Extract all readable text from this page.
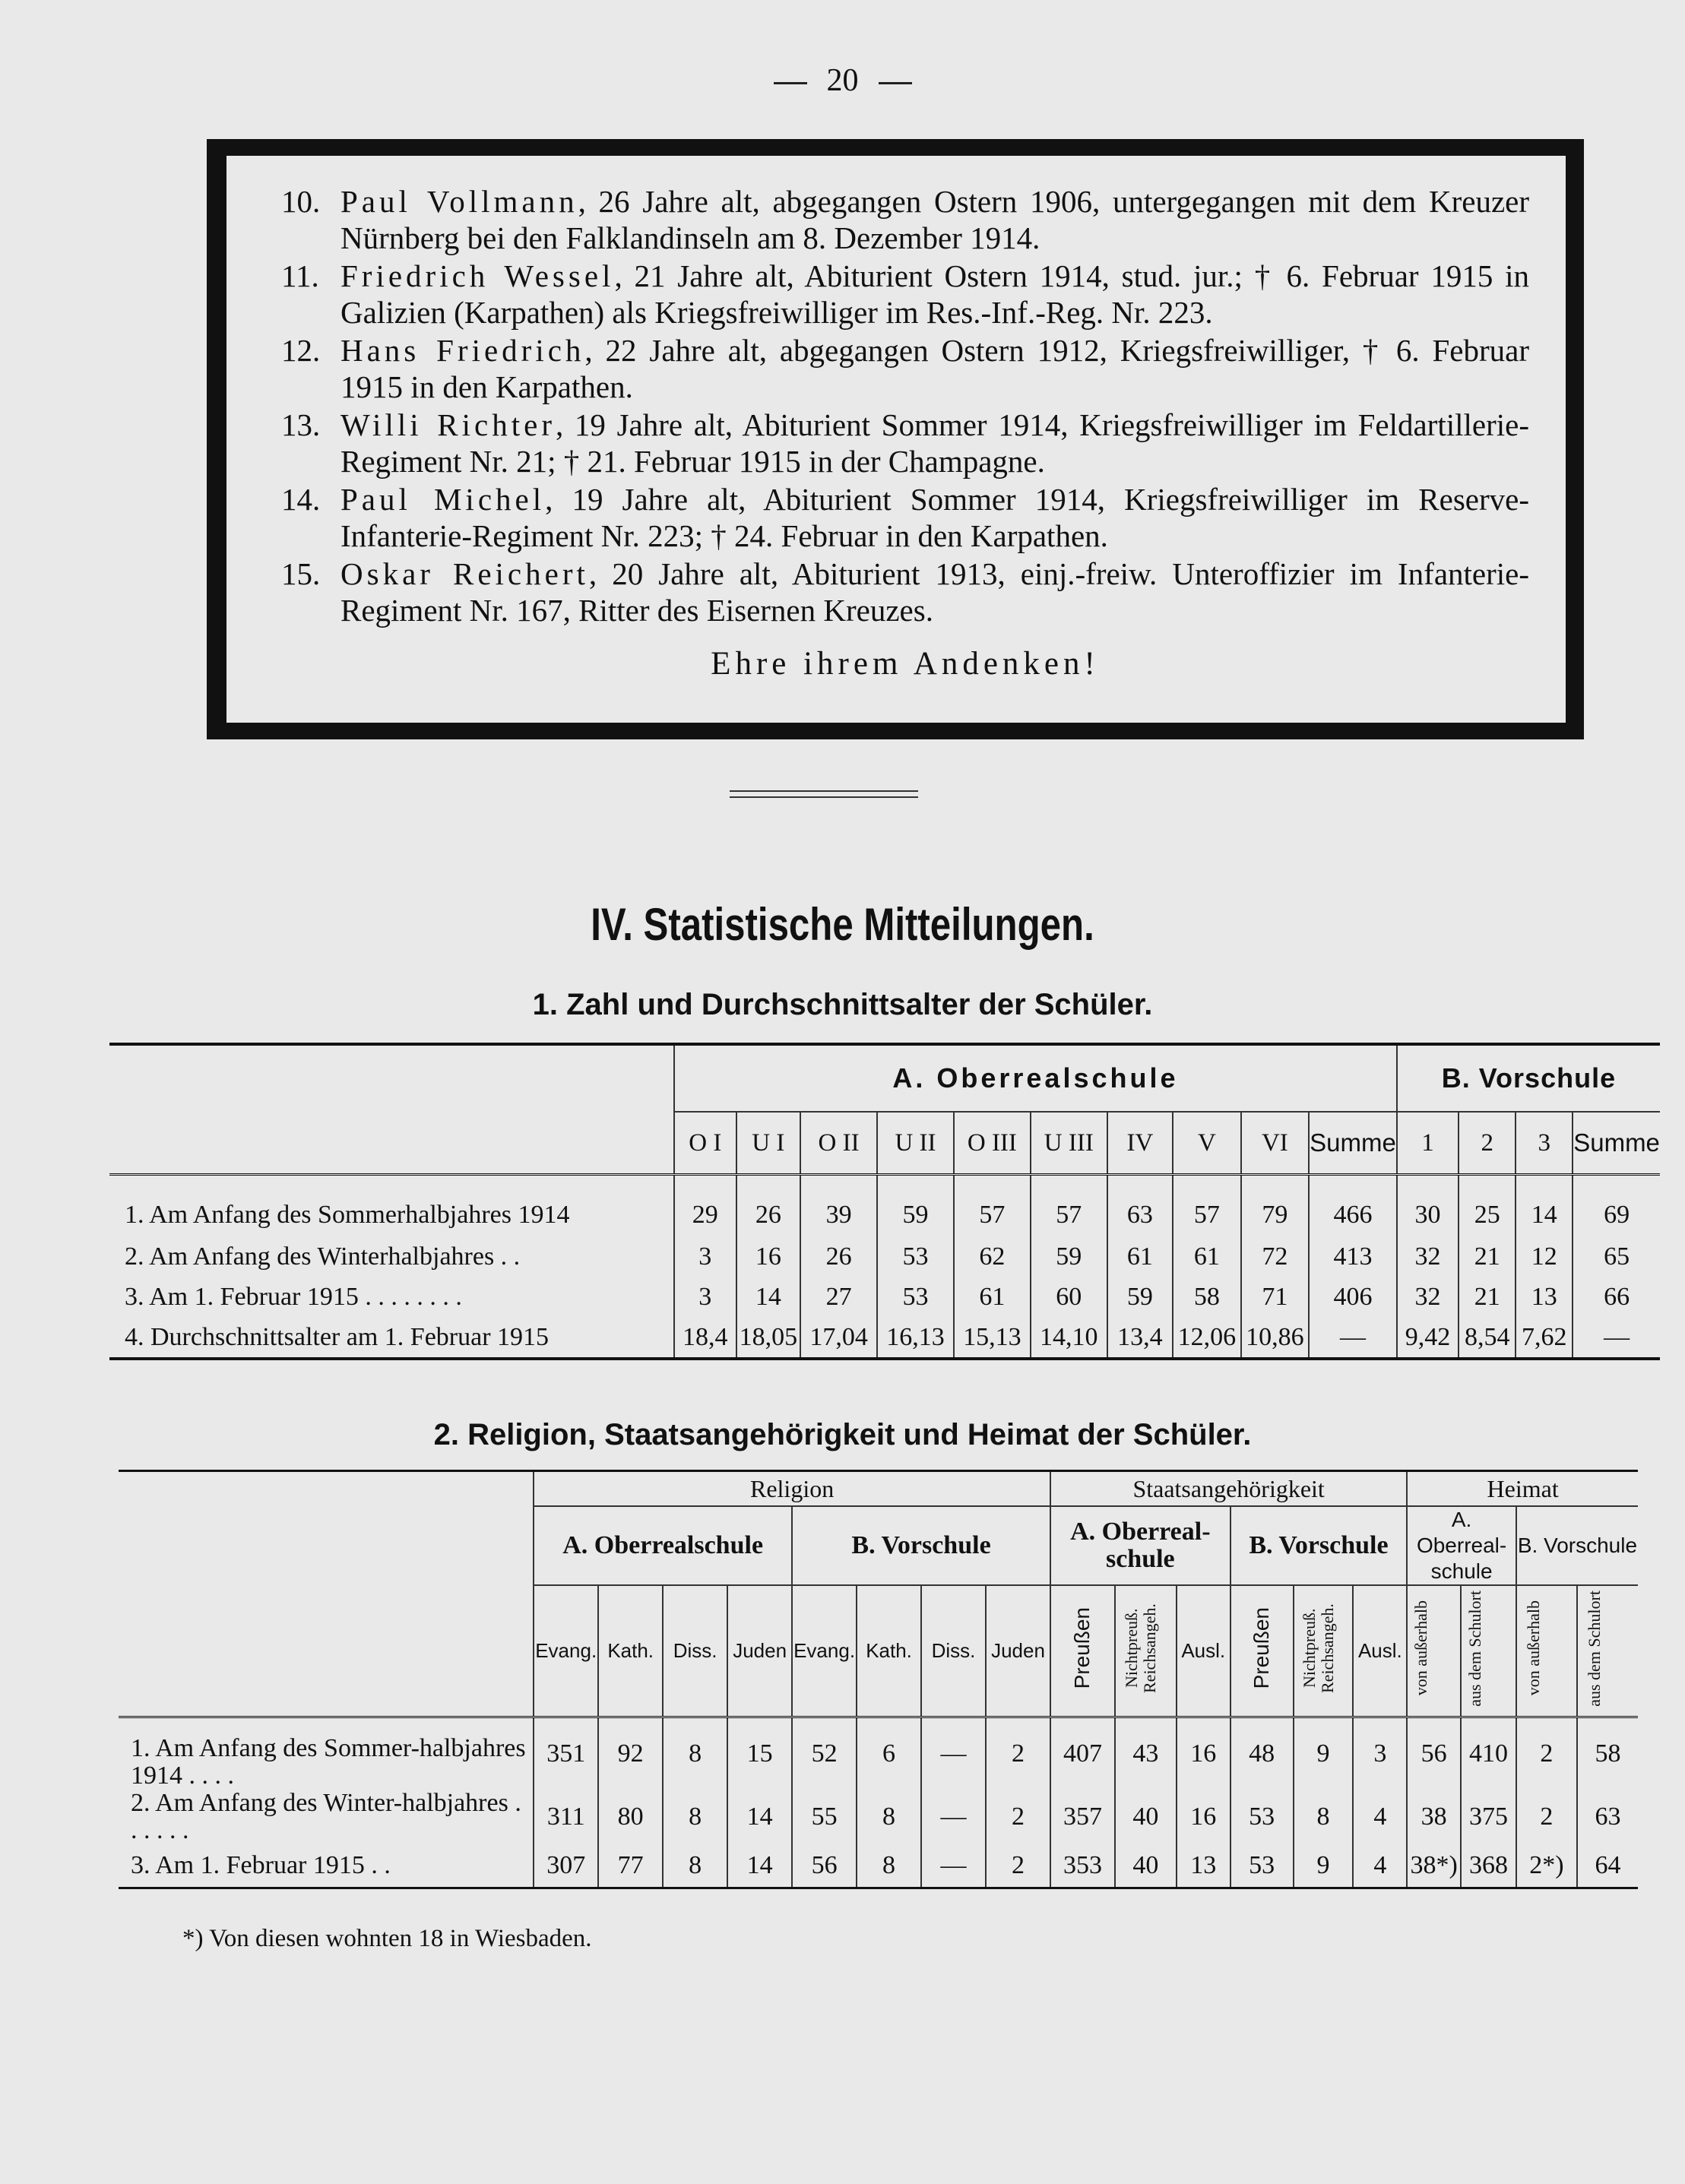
20
10. Paul Vollmann, 26 Jahre alt, abgegangen Ostern 1906, untergegangen mit dem Kreuzer Nürnberg bei den Falklandinseln am 8. Dezember 1914.
11. Friedrich Wessel, 21 Jahre alt, Abiturient Ostern 1914, stud. jur.; † 6. Februar 1915 in Galizien (Karpathen) als Kriegsfreiwilliger im Res.-Inf.-Reg. Nr. 223.
12. Hans Friedrich, 22 Jahre alt, abgegangen Ostern 1912, Kriegsfreiwilliger, † 6. Februar 1915 in den Karpathen.
13. Willi Richter, 19 Jahre alt, Abiturient Sommer 1914, Kriegsfreiwilliger im Feldartillerie-Regiment Nr. 21; † 21. Februar 1915 in der Champagne.
14. Paul Michel, 19 Jahre alt, Abiturient Sommer 1914, Kriegsfreiwilliger im Reserve-Infanterie-Regiment Nr. 223; † 24. Februar in den Karpathen.
15. Oskar Reichert, 20 Jahre alt, Abiturient 1913, einj.-freiw. Unteroffizier im Infanterie-Regiment Nr. 167, Ritter des Eisernen Kreuzes.
Ehre ihrem Andenken!
IV. Statistische Mitteilungen.
1. Zahl und Durchschnittsalter der Schüler.
	A. Oberrealschule										B. Vorschule			
	O I	U I	O II	U II	O III	U III	IV	V	VI	Summe	1	2	3	Summe
1. Am Anfang des Sommerhalbjahres 1914	29	26	39	59	57	57	63	57	79	466	30	25	14	69
2. Am Anfang des Winterhalbjahres . .	3	16	26	53	62	59	61	61	72	413	32	21	12	65
3. Am 1. Februar 1915 . . . . . . . .	3	14	27	53	61	60	59	58	71	406	32	21	13	66
4. Durchschnittsalter am 1. Februar 1915	18,4	18,05	17,04	16,13	15,13	14,10	13,4	12,06	10,86	—	9,42	8,54	7,62	—
2. Religion, Staatsangehörigkeit und Heimat der Schüler.
	Religion								Staatsangehörigkeit						Heimat			
	A. Oberrealschule				B. Vorschule				A. Oberreal-schule			B. Vorschule			A. Oberreal-schule		B. Vorschule	
	Evang.	Kath.	Diss.	Juden	Evang.	Kath.	Diss.	Juden	Preußen	Nichtpreuß. Reichsangeh.	Ausl.	Preußen	Nichtpreuß. Reichsangeh.	Ausl.	von außerhalb	aus dem Schulort	von außerhalb	aus dem Schulort
1. Am Anfang des Sommer-halbjahres 1914 . . . .	351	92	8	15	52	6	—	2	407	43	16	48	9	3	56	410	2	58
2. Am Anfang des Winter-halbjahres . . . . . .	311	80	8	14	55	8	—	2	357	40	16	53	8	4	38	375	2	63
3. Am 1. Februar 1915 . .	307	77	8	14	56	8	—	2	353	40	13	53	9	4	38*)	368	2*)	64
*) Von diesen wohnten 18 in Wiesbaden.
